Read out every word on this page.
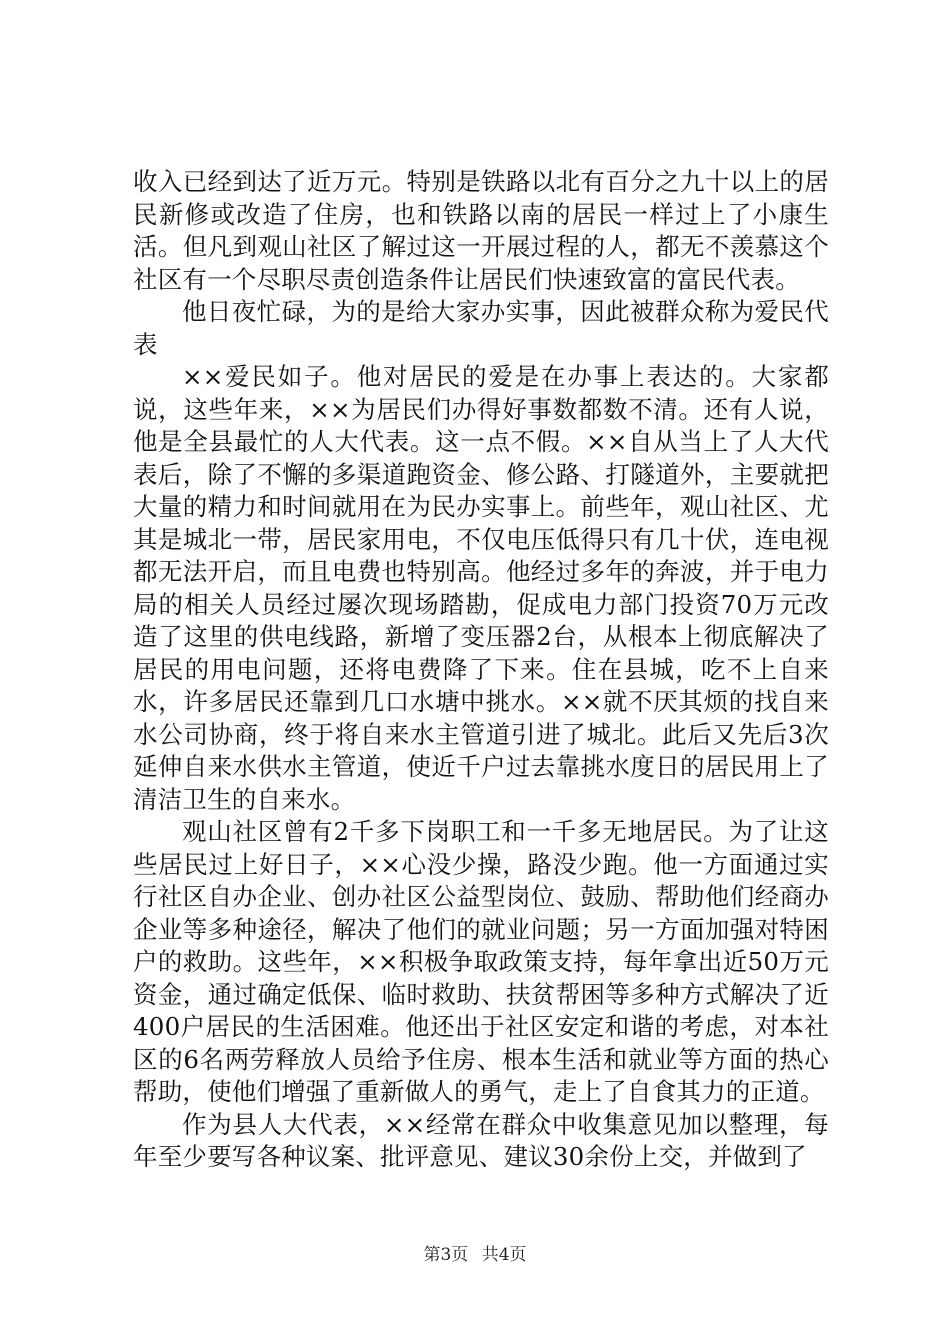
收入已经到达了近万元。特别是铁路以北有百分之九十以上的居民新修或改造了住房，也和铁路以南的居民一样过上了小康生活。但凡到观山社区了解过这一开展过程的人，都无不羡慕这个社区有一个尽职尽责创造条件让居民们快速致富的富民代表。

他日夜忙碌，为的是给大家办实事，因此被群众称为爱民代表

××爱民如子。他对居民的爱是在办事上表达的。大家都说，这些年来，××为居民们办得好事数都数不清。还有人说，他是全县最忙的人大代表。这一点不假。××自从当上了人大代表后，除了不懈的多渠道跑资金、修公路、打隧道外，主要就把大量的精力和时间就用在为民办实事上。前些年，观山社区、尤其是城北一带，居民家用电，不仅电压低得只有几十伏，连电视都无法开启，而且电费也特别高。他经过多年的奔波，并于电力局的相关人员经过屡次现场踏勘，促成电力部门投资70万元改造了这里的供电线路，新增了变压器2台，从根本上彻底解决了居民的用电问题，还将电费降了下来。住在县城，吃不上自来水，许多居民还靠到几口水塘中挑水。××就不厌其烦的找自来水公司协商，终于将自来水主管道引进了城北。此后又先后3次延伸自来水供水主管道，使近千户过去靠挑水度日的居民用上了清洁卫生的自来水。

观山社区曾有2千多下岗职工和一千多无地居民。为了让这些居民过上好日子，××心没少操，路没少跑。他一方面通过实行社区自办企业、创办社区公益型岗位、鼓励、帮助他们经商办企业等多种途径，解决了他们的就业问题；另一方面加强对特困户的救助。这些年，××积极争取政策支持，每年拿出近50万元资金，通过确定低保、临时救助、扶贫帮困等多种方式解决了近400户居民的生活困难。他还出于社区安定和谐的考虑，对本社区的6名两劳释放人员给予住房、根本生活和就业等方面的热心帮助，使他们增强了重新做人的勇气，走上了自食其力的正道。

作为县人大代表，××经常在群众中收集意见加以整理，每年至少要写各种议案、批评意见、建议30余份上交，并做到了

第3页 共4页
